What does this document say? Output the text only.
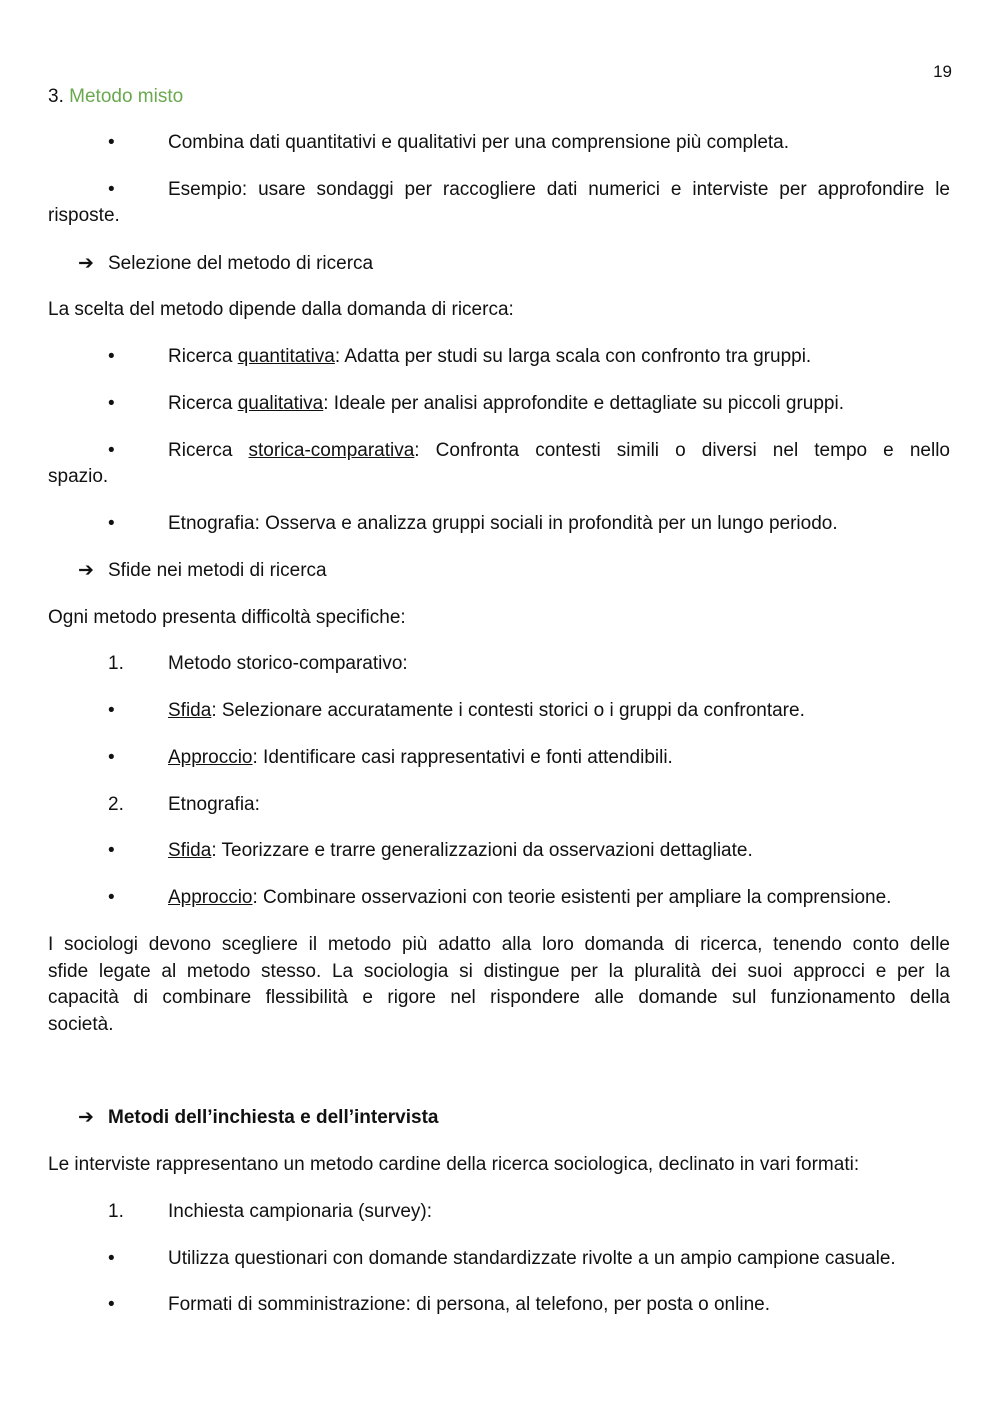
19
3. Metodo misto
•	Combina dati quantitativi e qualitativi per una comprensione più completa.
•	Esempio: usare sondaggi per raccogliere dati numerici e interviste per approfondire le
risposte.
➔ Selezione del metodo di ricerca
La scelta del metodo dipende dalla domanda di ricerca:
•	Ricerca quantitativa: Adatta per studi su larga scala con confronto tra gruppi.
•	Ricerca qualitativa: Ideale per analisi approfondite e dettagliate su piccoli gruppi.
•	Ricerca storica-comparativa: Confronta contesti simili o diversi nel tempo e nello
spazio.
•	Etnografia: Osserva e analizza gruppi sociali in profondità per un lungo periodo.
➔ Sfide nei metodi di ricerca
Ogni metodo presenta difficoltà specifiche:
1. Metodo storico-comparativo:
•	Sfida: Selezionare accuratamente i contesti storici o i gruppi da confrontare.
•	Approccio: Identificare casi rappresentativi e fonti attendibili.
2. Etnografia:
•	Sfida: Teorizzare e trarre generalizzazioni da osservazioni dettagliate.
•	Approccio: Combinare osservazioni con teorie esistenti per ampliare la comprensione.
I sociologi devono scegliere il metodo più adatto alla loro domanda di ricerca, tenendo conto delle
sfide legate al metodo stesso. La sociologia si distingue per la pluralità dei suoi approcci e per la
capacità di combinare flessibilità e rigore nel rispondere alle domande sul funzionamento della
società.
➔ Metodi dell’inchiesta e dell’intervista
Le interviste rappresentano un metodo cardine della ricerca sociologica, declinato in vari formati:
1. Inchiesta campionaria (survey):
•	Utilizza questionari con domande standardizzate rivolte a un ampio campione casuale.
•	Formati di somministrazione: di persona, al telefono, per posta o online.
